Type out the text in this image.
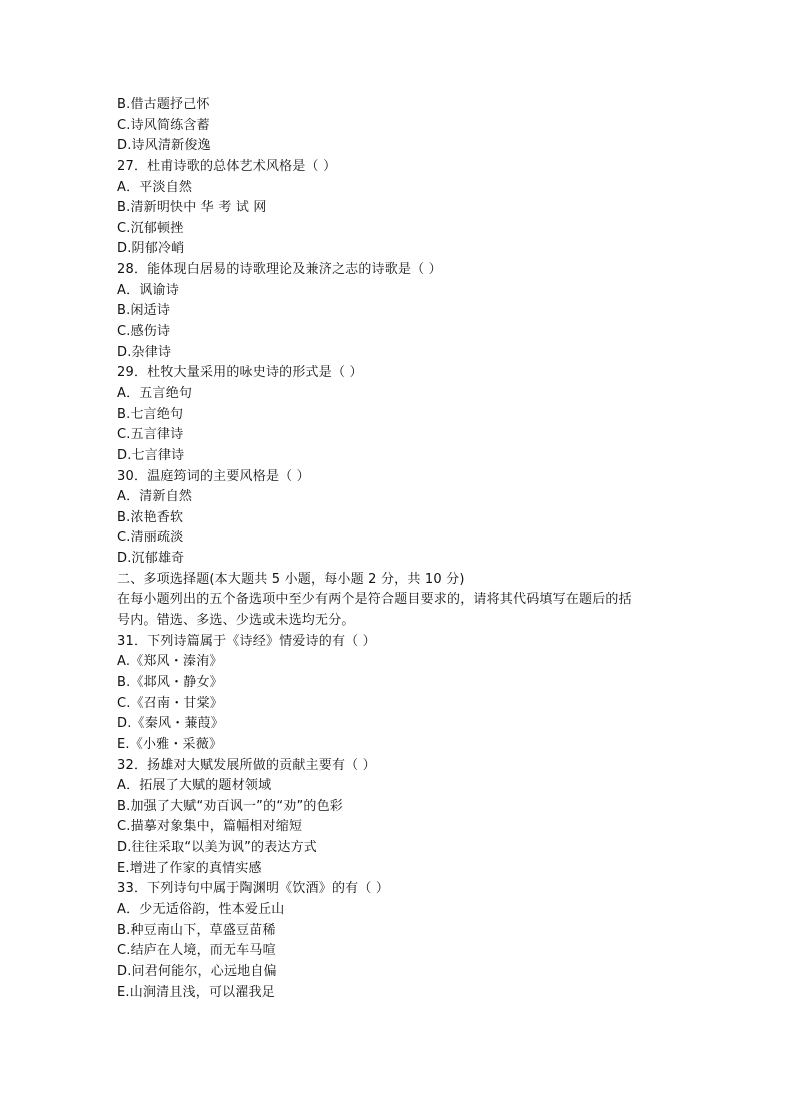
B.借古题抒己怀
C.诗风简练含蓄
D.诗风清新俊逸
27．杜甫诗歌的总体艺术风格是（ ）
A．平淡自然
B.清新明快中 华 考 试 网
C.沉郁顿挫
D.阴郁冷峭
28．能体现白居易的诗歌理论及兼济之志的诗歌是（ ）
A．讽谕诗
B.闲适诗
C.感伤诗
D.杂律诗
29．杜牧大量采用的咏史诗的形式是（ ）
A．五言绝句
B.七言绝句
C.五言律诗
D.七言律诗
30．温庭筠词的主要风格是（ ）
A．清新自然
B.浓艳香软
C.清丽疏淡
D.沉郁雄奇
二、多项选择题(本大题共 5 小题，每小题 2 分，共 10 分)
在每小题列出的五个备选项中至少有两个是符合题目要求的，请将其代码填写在题后的括
号内。错选、多选、少选或未选均无分。
31．下列诗篇属于《诗经》情爱诗的有（ ）
A.《郑风・溱洧》
B.《邶风・静女》
C.《召南・甘棠》
D.《秦风・蒹葭》
E.《小雅・采薇》
32．扬雄对大赋发展所做的贡献主要有（ ）
A．拓展了大赋的题材领域
B.加强了大赋“劝百讽一”的“劝”的色彩
C.描摹对象集中，篇幅相对缩短
D.往往采取“以美为讽”的表达方式
E.增进了作家的真情实感
33．下列诗句中属于陶渊明《饮酒》的有（ ）
A．少无适俗韵，性本爱丘山
B.种豆南山下，草盛豆苗稀
C.结庐在人境，而无车马喧
D.问君何能尔，心远地自偏
E.山涧清且浅，可以濯我足
